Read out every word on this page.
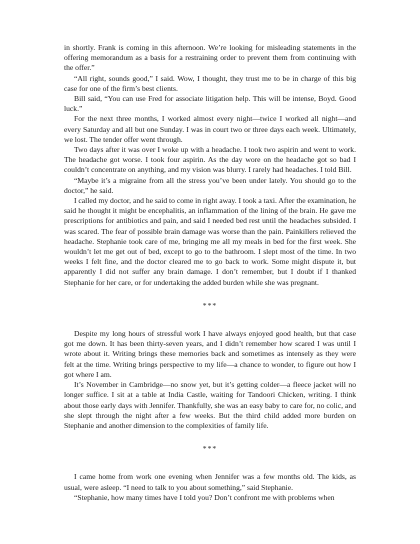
in shortly. Frank is coming in this afternoon. We’re looking for misleading statements in the offering memorandum as a basis for a restraining order to prevent them from continuing with the offer.”

“All right, sounds good,” I said. Wow, I thought, they trust me to be in charge of this big case for one of the firm’s best clients.

Bill said, “You can use Fred for associate litigation help. This will be intense, Boyd. Good luck.”

For the next three months, I worked almost every night—twice I worked all night—and every Saturday and all but one Sunday. I was in court two or three days each week. Ultimately, we lost. The tender offer went through.

Two days after it was over I woke up with a headache. I took two aspirin and went to work. The headache got worse. I took four aspirin. As the day wore on the headache got so bad I couldn’t concentrate on anything, and my vision was blurry. I rarely had headaches. I told Bill.

“Maybe it’s a migraine from all the stress you’ve been under lately. You should go to the doctor,” he said.

I called my doctor, and he said to come in right away. I took a taxi. After the examination, he said he thought it might be encephalitis, an inflammation of the lining of the brain. He gave me prescriptions for antibiotics and pain, and said I needed bed rest until the headaches subsided. I was scared. The fear of possible brain damage was worse than the pain. Painkillers relieved the headache. Stephanie took care of me, bringing me all my meals in bed for the first week. She wouldn’t let me get out of bed, except to go to the bathroom. I slept most of the time. In two weeks I felt fine, and the doctor cleared me to go back to work. Some might dispute it, but apparently I did not suffer any brain damage. I don’t remember, but I doubt if I thanked Stephanie for her care, or for undertaking the added burden while she was pregnant.

***

Despite my long hours of stressful work I have always enjoyed good health, but that case got me down. It has been thirty-seven years, and I didn’t remember how scared I was until I wrote about it. Writing brings these memories back and sometimes as intensely as they were felt at the time. Writing brings perspective to my life—a chance to wonder, to figure out how I got where I am.

It’s November in Cambridge—no snow yet, but it’s getting colder—a fleece jacket will no longer suffice. I sit at a table at India Castle, waiting for Tandoori Chicken, writing. I think about those early days with Jennifer. Thankfully, she was an easy baby to care for, no colic, and she slept through the night after a few weeks. But the third child added more burden on Stephanie and another dimension to the complexities of family life.

***

I came home from work one evening when Jennifer was a few months old. The kids, as usual, were asleep. “I need to talk to you about something,” said Stephanie.

“Stephanie, how many times have I told you? Don’t confront me with problems when
